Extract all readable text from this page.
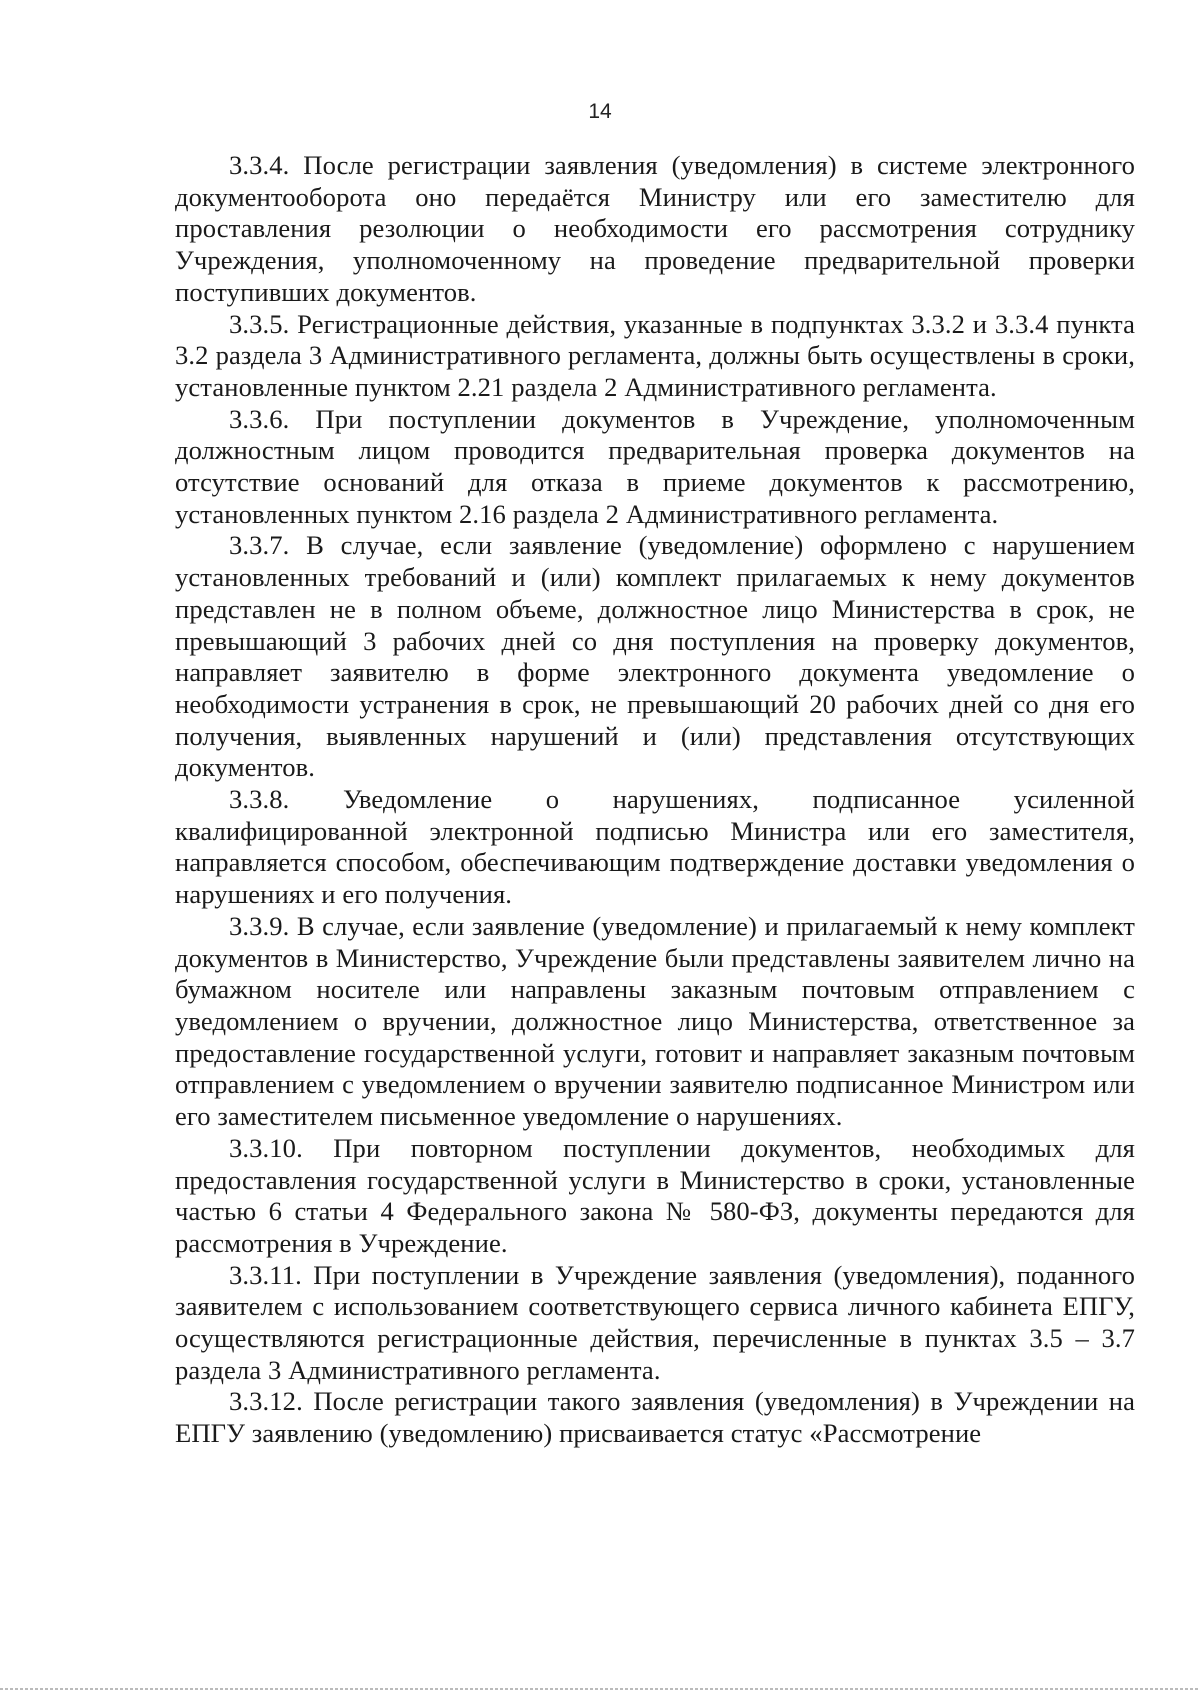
14

3.3.4. После регистрации заявления (уведомления) в системе электронного документооборота оно передаётся Министру или его заместителю для проставления резолюции о необходимости его рассмотрения сотруднику Учреждения, уполномоченному на проведение предварительной проверки поступивших документов.

3.3.5. Регистрационные действия, указанные в подпунктах 3.3.2 и 3.3.4 пункта 3.2 раздела 3 Административного регламента, должны быть осуществлены в сроки, установленные пунктом 2.21 раздела 2 Административного регламента.

3.3.6. При поступлении документов в Учреждение, уполномоченным должностным лицом проводится предварительная проверка документов на отсутствие оснований для отказа в приеме документов к рассмотрению, установленных пунктом 2.16 раздела 2 Административного регламента.

3.3.7. В случае, если заявление (уведомление) оформлено с нарушением установленных требований и (или) комплект прилагаемых к нему документов представлен не в полном объеме, должностное лицо Министерства в срок, не превышающий 3 рабочих дней со дня поступления на проверку документов, направляет заявителю в форме электронного документа уведомление о необходимости устранения в срок, не превышающий 20 рабочих дней со дня его получения, выявленных нарушений и (или) представления отсутствующих документов.

3.3.8. Уведомление о нарушениях, подписанное усиленной квалифицированной электронной подписью Министра или его заместителя, направляется способом, обеспечивающим подтверждение доставки уведомления о нарушениях и его получения.

3.3.9. В случае, если заявление (уведомление) и прилагаемый к нему комплект документов в Министерство, Учреждение были представлены заявителем лично на бумажном носителе или направлены заказным почтовым отправлением с уведомлением о вручении, должностное лицо Министерства, ответственное за предоставление государственной услуги, готовит и направляет заказным почтовым отправлением с уведомлением о вручении заявителю подписанное Министром или его заместителем письменное уведомление о нарушениях.

3.3.10. При повторном поступлении документов, необходимых для предоставления государственной услуги в Министерство в сроки, установленные частью 6 статьи 4 Федерального закона № 580-ФЗ, документы передаются для рассмотрения в Учреждение.

3.3.11. При поступлении в Учреждение заявления (уведомления), поданного заявителем с использованием соответствующего сервиса личного кабинета ЕПГУ, осуществляются регистрационные действия, перечисленные в пунктах 3.5 – 3.7 раздела 3 Административного регламента.

3.3.12. После регистрации такого заявления (уведомления) в Учреждении на ЕПГУ заявлению (уведомлению) присваивается статус «Рассмотрение
